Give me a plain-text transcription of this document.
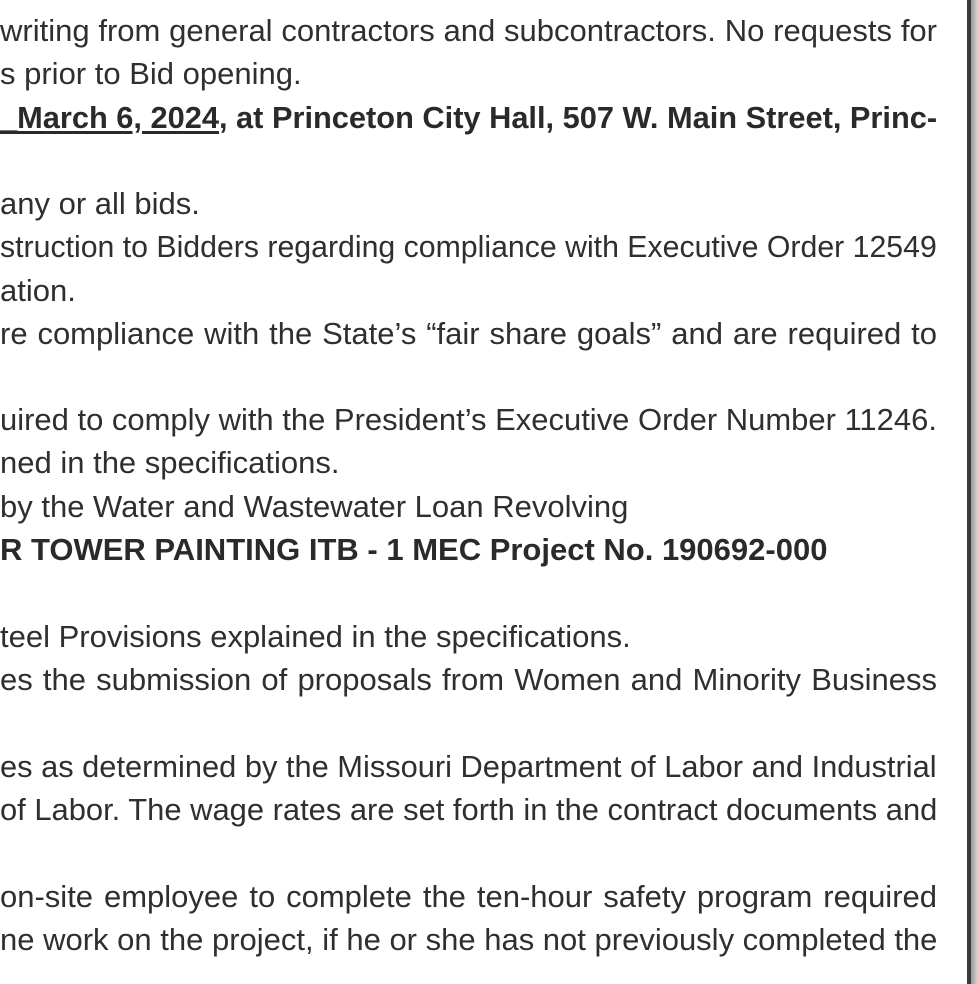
writing from general contractors and subcontractors. No requests for
s prior to Bid opening.
_March 6, 2024, at Princeton City Hall, 507 W. Main Street, Princ-
any or all bids.
struction to Bidders regarding compliance with Executive Order 12549
ation.
re compliance with the State’s “fair share goals” and are required to
uired to comply with the President’s Executive Order Number 11246.
ned in the specifications.
by the Water and Wastewater Loan Revolving
R TOWER PAINTING ITB - 1 MEC Project No. 190692-000
teel Provisions explained in the specifications.
es the submission of proposals from Women and Minority Business
es as determined by the Missouri Department of Labor and Industrial
of Labor. The wage rates are set forth in the contract documents and
on-site employee to complete the ten-hour safety program required
ne work on the project, if he or she has not previously completed the
